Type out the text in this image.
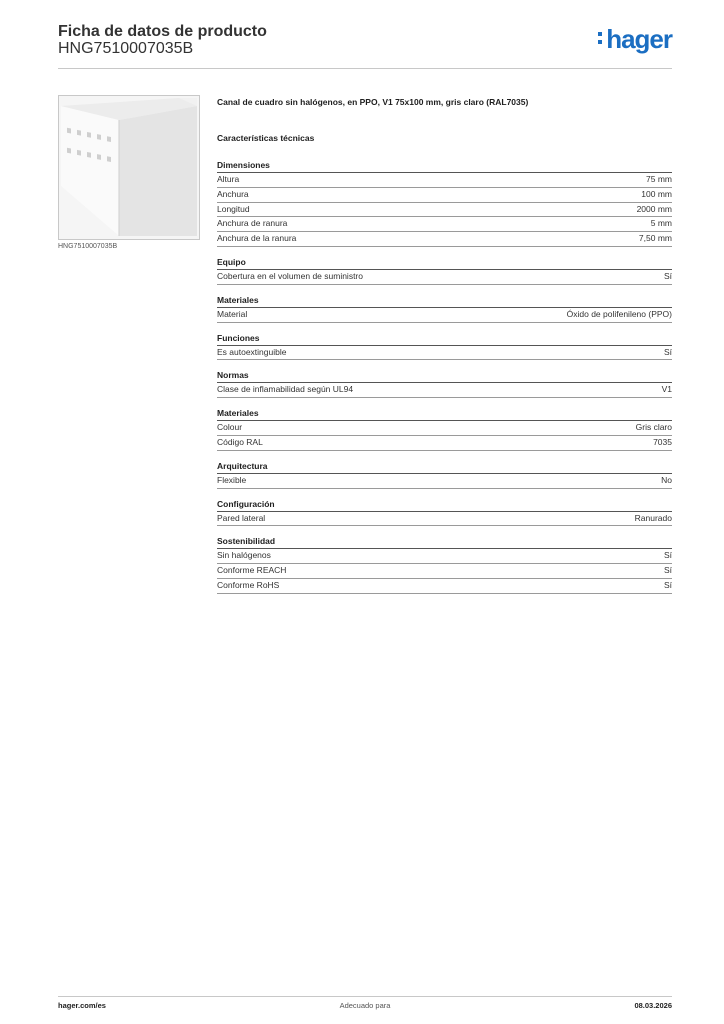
Ficha de datos de producto
HNG7510007035B	hager
HNG7510007035B
Canal de cuadro sin halógenos, en PPO, V1 75x100 mm, gris claro (RAL7035)
Características técnicas
Dimensiones
Altura	75 mm
Anchura	100 mm
Longitud	2000 mm
Anchura de ranura	5 mm
Anchura de la ranura	7,50 mm
Equipo
Cobertura en el volumen de suministro	Sí
Materiales
Material	Óxido de polifenileno (PPO)
Funciones
Es autoextinguible	Sí
Normas
Clase de inflamabilidad según UL94	V1
Materiales
Colour	Gris claro
Código RAL	7035
Arquitectura
Flexible	No
Configuración
Pared lateral	Ranurado
Sostenibilidad
Sin halógenos	Sí
Conforme REACH	Sí
Conforme RoHS	Sí
hager.com/es	Adecuado para	08.03.2026
